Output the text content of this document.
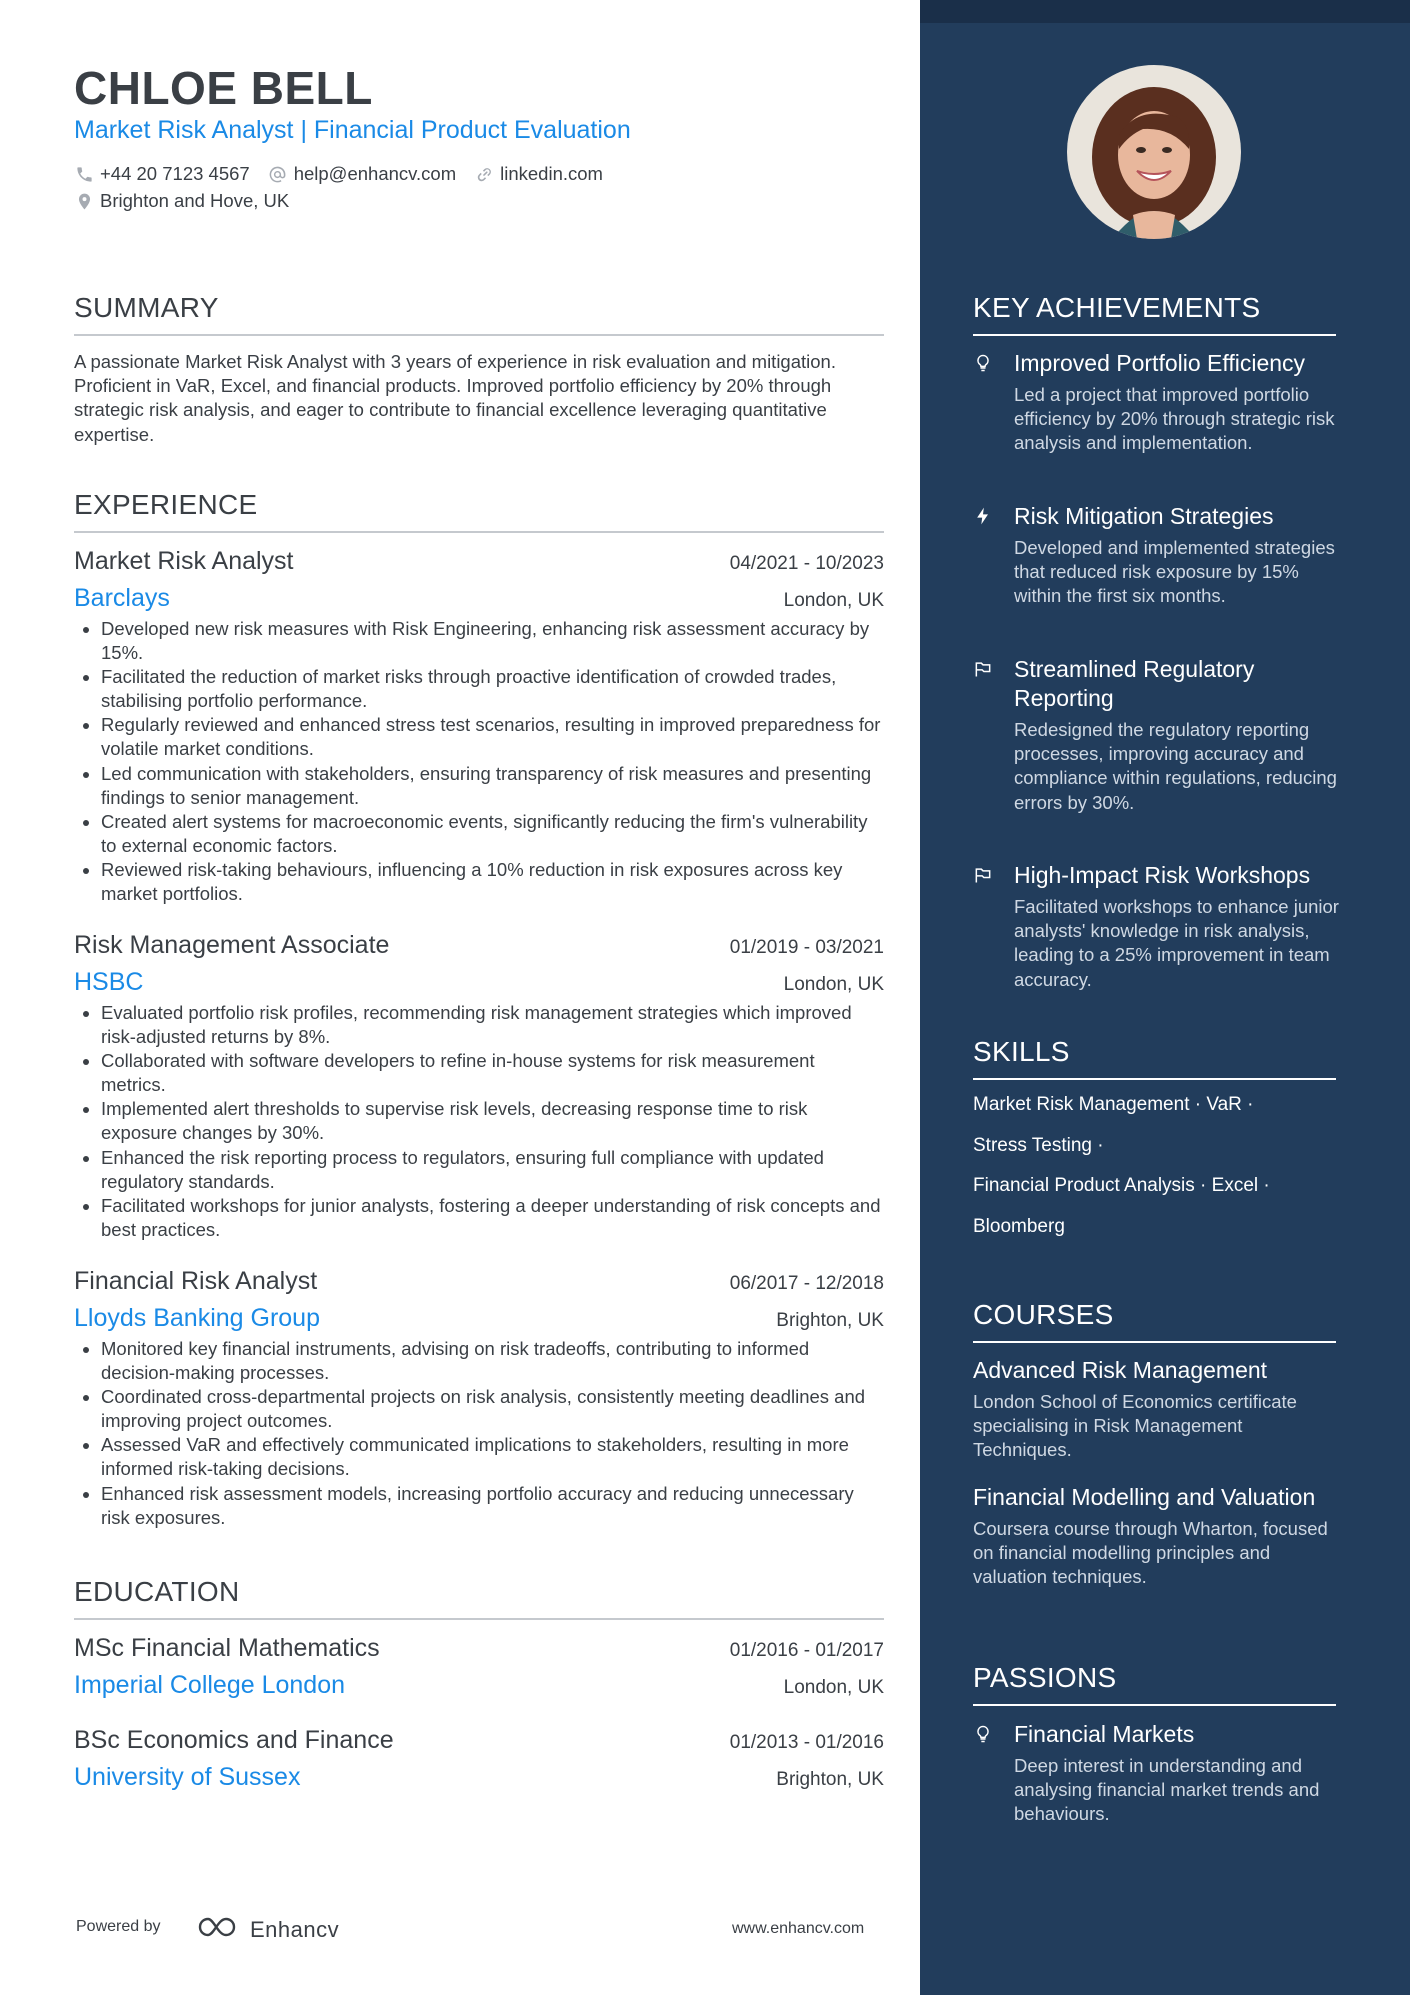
CHLOE BELL
Market Risk Analyst | Financial Product Evaluation
+44 20 7123 4567 help@enhancv.com linkedin.com
Brighton and Hove, UK
SUMMARY
A passionate Market Risk Analyst with 3 years of experience in risk evaluation and mitigation. Proficient in VaR, Excel, and financial products. Improved portfolio efficiency by 20% through strategic risk analysis, and eager to contribute to financial excellence leveraging quantitative expertise.
EXPERIENCE
Market Risk Analyst	04/2021 - 10/2023
Barclays	London, UK
• Developed new risk measures with Risk Engineering, enhancing risk assessment accuracy by 15%.
• Facilitated the reduction of market risks through proactive identification of crowded trades, stabilising portfolio performance.
• Regularly reviewed and enhanced stress test scenarios, resulting in improved preparedness for volatile market conditions.
• Led communication with stakeholders, ensuring transparency of risk measures and presenting findings to senior management.
• Created alert systems for macroeconomic events, significantly reducing the firm's vulnerability to external economic factors.
• Reviewed risk-taking behaviours, influencing a 10% reduction in risk exposures across key market portfolios.
Risk Management Associate	01/2019 - 03/2021
HSBC	London, UK
• Evaluated portfolio risk profiles, recommending risk management strategies which improved risk-adjusted returns by 8%.
• Collaborated with software developers to refine in-house systems for risk measurement metrics.
• Implemented alert thresholds to supervise risk levels, decreasing response time to risk exposure changes by 30%.
• Enhanced the risk reporting process to regulators, ensuring full compliance with updated regulatory standards.
• Facilitated workshops for junior analysts, fostering a deeper understanding of risk concepts and best practices.
Financial Risk Analyst	06/2017 - 12/2018
Lloyds Banking Group	Brighton, UK
• Monitored key financial instruments, advising on risk tradeoffs, contributing to informed decision-making processes.
• Coordinated cross-departmental projects on risk analysis, consistently meeting deadlines and improving project outcomes.
• Assessed VaR and effectively communicated implications to stakeholders, resulting in more informed risk-taking decisions.
• Enhanced risk assessment models, increasing portfolio accuracy and reducing unnecessary risk exposures.
EDUCATION
MSc Financial Mathematics	01/2016 - 01/2017
Imperial College London	London, UK
BSc Economics and Finance	01/2013 - 01/2016
University of Sussex	Brighton, UK
Powered by	Enhancv	www.enhancv.com
KEY ACHIEVEMENTS
Improved Portfolio Efficiency
Led a project that improved portfolio efficiency by 20% through strategic risk analysis and implementation.
Risk Mitigation Strategies
Developed and implemented strategies that reduced risk exposure by 15% within the first six months.
Streamlined Regulatory Reporting
Redesigned the regulatory reporting processes, improving accuracy and compliance within regulations, reducing errors by 30%.
High-Impact Risk Workshops
Facilitated workshops to enhance junior analysts' knowledge in risk analysis, leading to a 25% improvement in team accuracy.
SKILLS
Market Risk Management · VaR ·
Stress Testing ·
Financial Product Analysis · Excel ·
Bloomberg
COURSES
Advanced Risk Management
London School of Economics certificate specialising in Risk Management Techniques.
Financial Modelling and Valuation
Coursera course through Wharton, focused on financial modelling principles and valuation techniques.
PASSIONS
Financial Markets
Deep interest in understanding and analysing financial market trends and behaviours.
